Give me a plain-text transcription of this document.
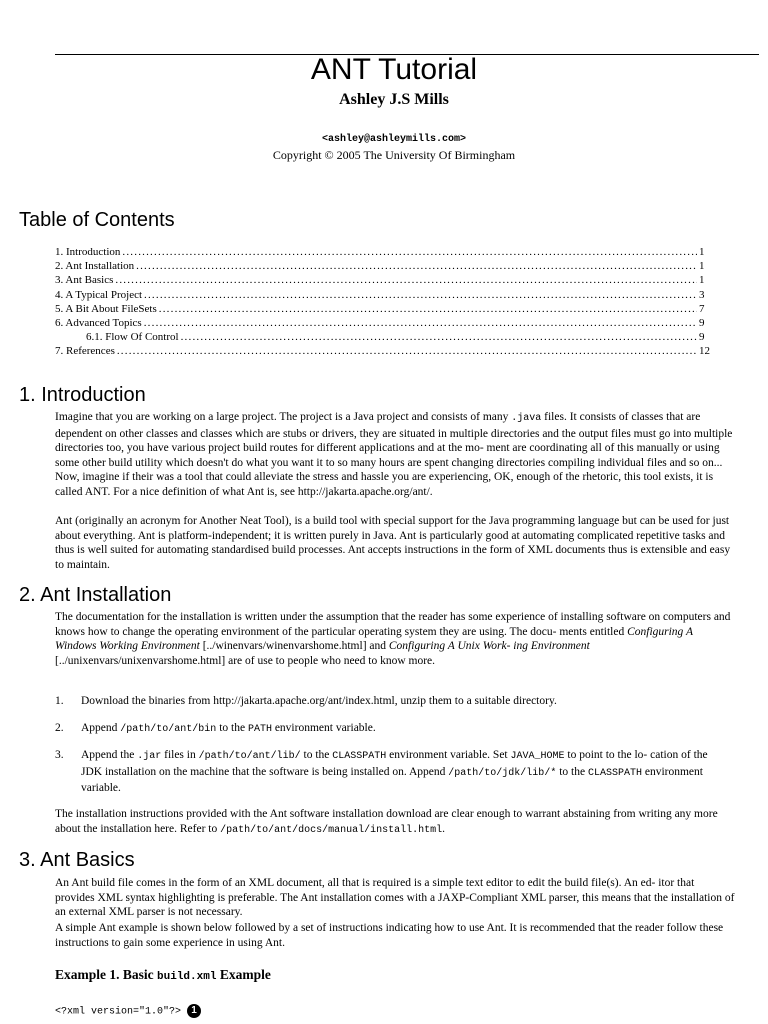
ANT Tutorial
Ashley J.S Mills
<ashley@ashleymills.com>
Copyright © 2005 The University Of Birmingham
Table of Contents
1. Introduction .....	1
2. Ant Installation .....	1
3. Ant Basics .....	1
4. A Typical Project .....	3
5. A Bit About FileSets .....	7
6. Advanced Topics .....	9
6.1. Flow Of Control .....	9
7. References .....	12
1. Introduction

Imagine that you are working on a large project. The project is a Java project and consists of many .java files. It consists of classes that are dependent on other classes and classes which are stubs or drivers, they are situated in multiple directories and the output files must go into multiple directories too, you have various project build routes for different applications and at the mo- ment are coordinating all of this manually or using some other build utility which doesn't do what you want it to so many hours are spent changing directories compiling individual files and so on... Now, imagine if their was a tool that could alleviate the stress and hassle you are experiencing, OK, enough of the rhetoric, this tool exists, it is called ANT. For a nice definition of what Ant is, see http://jakarta.apache.org/ant/.

Ant (originally an acronym for Another Neat Tool), is a build tool with special support for the Java programming language but can be used for just about everything. Ant is platform-independent; it is written purely in Java. Ant is particularly good at automating complicated repetitive tasks and thus is well suited for automating standardised build processes. Ant accepts instructions in the form of XML documents thus is extensible and easy to maintain.

2. Ant Installation

The documentation for the installation is written under the assumption that the reader has some experience of installing software on computers and knows how to change the operating environment of the particular operating system they are using. The docu- ments entitled Configuring A Windows Working Environment [../winenvars/winenvarshome.html] and Configuring A Unix Work- ing Environment [../unixenvars/unixenvarshome.html] are of use to people who need to know more.

1. Download the binaries from http://jakarta.apache.org/ant/index.html, unzip them to a suitable directory.
2. Append /path/to/ant/bin to the PATH environment variable.
3. Append the .jar files in /path/to/ant/lib/ to the CLASSPATH environment variable. Set JAVA_HOME to point to the lo- cation of the JDK installation on the machine that the software is being installed on. Append /path/to/jdk/lib/* to the CLASSPATH environment variable.

The installation instructions provided with the Ant software installation download are clear enough to warrant abstaining from writing any more about the installation here. Refer to /path/to/ant/docs/manual/install.html.

3. Ant Basics

An Ant build file comes in the form of an XML document, all that is required is a simple text editor to edit the build file(s). An ed- itor that provides XML syntax highlighting is preferable. The Ant installation comes with a JAXP-Compliant XML parser, this means that the installation of an external XML parser is not necessary.

A simple Ant example is shown below followed by a set of instructions indicating how to use Ant. It is recommended that the reader follow these instructions to gain some experience in using Ant.

Example 1. Basic build.xml Example
<?xml version="1.0"?> 1
